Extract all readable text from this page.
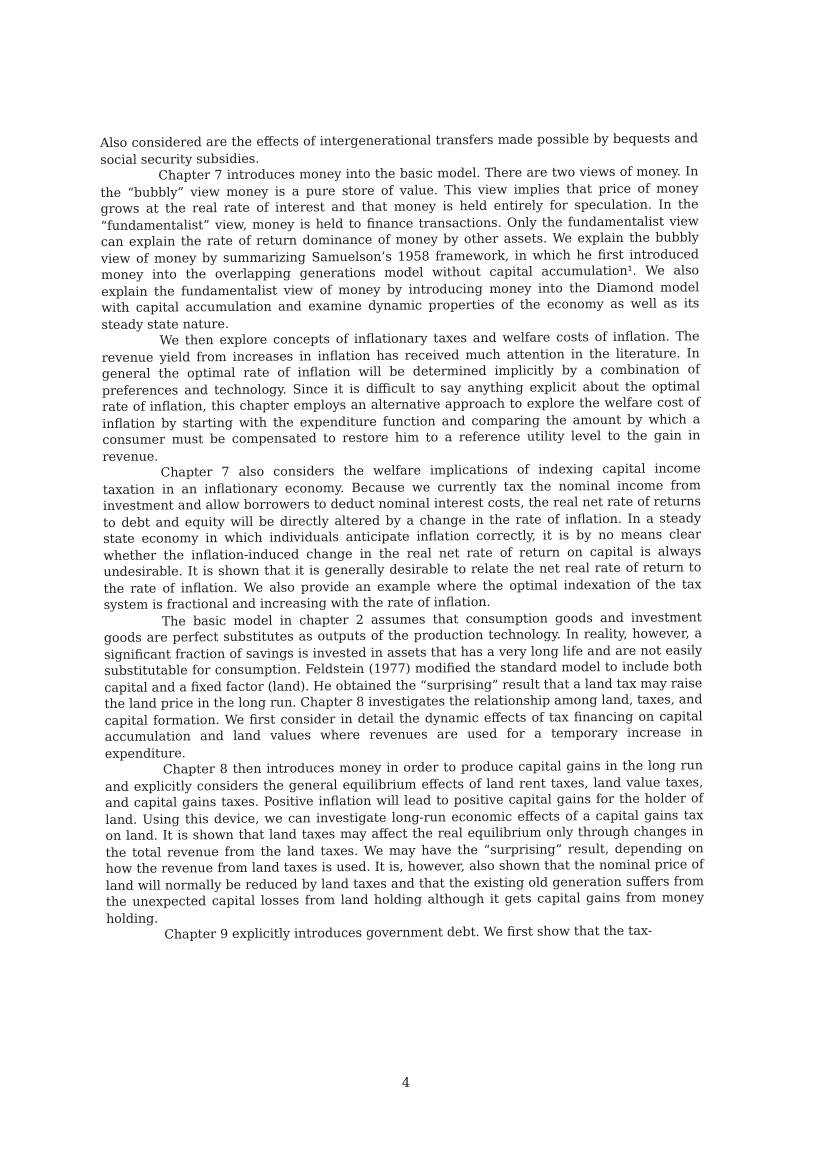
Also considered are the effects of intergenerational transfers made possible by bequests and social security subsidies.

Chapter 7 introduces money into the basic model. There are two views of money. In the “bubbly” view money is a pure store of value. This view implies that price of money grows at the real rate of interest and that money is held entirely for speculation. In the “fundamentalist” view, money is held to finance transactions. Only the fundamentalist view can explain the rate of return dominance of money by other assets. We explain the bubbly view of money by summarizing Samuelson’s 1958 framework, in which he first introduced money into the overlapping generations model without capital accumulation¹. We also explain the fundamentalist view of money by introducing money into the Diamond model with capital accumulation and examine dynamic properties of the economy as well as its steady state nature.

We then explore concepts of inflationary taxes and welfare costs of inflation. The revenue yield from increases in inflation has received much attention in the literature. In general the optimal rate of inflation will be determined implicitly by a combination of preferences and technology. Since it is difficult to say anything explicit about the optimal rate of inflation, this chapter employs an alternative approach to explore the welfare cost of inflation by starting with the expenditure function and comparing the amount by which a consumer must be compensated to restore him to a reference utility level to the gain in revenue.

Chapter 7 also considers the welfare implications of indexing capital income taxation in an inflationary economy. Because we currently tax the nominal income from investment and allow borrowers to deduct nominal interest costs, the real net rate of returns to debt and equity will be directly altered by a change in the rate of inflation. In a steady state economy in which individuals anticipate inflation correctly, it is by no means clear whether the inflation-induced change in the real net rate of return on capital is always undesirable. It is shown that it is generally desirable to relate the net real rate of return to the rate of inflation. We also provide an example where the optimal indexation of the tax system is fractional and increasing with the rate of inflation.

The basic model in chapter 2 assumes that consumption goods and investment goods are perfect substitutes as outputs of the production technology. In reality, however, a significant fraction of savings is invested in assets that has a very long life and are not easily substitutable for consumption. Feldstein (1977) modified the standard model to include both capital and a fixed factor (land). He obtained the “surprising” result that a land tax may raise the land price in the long run. Chapter 8 investigates the relationship among land, taxes, and capital formation. We first consider in detail the dynamic effects of tax financing on capital accumulation and land values where revenues are used for a temporary increase in expenditure.

Chapter 8 then introduces money in order to produce capital gains in the long run and explicitly considers the general equilibrium effects of land rent taxes, land value taxes, and capital gains taxes. Positive inflation will lead to positive capital gains for the holder of land. Using this device, we can investigate long-run economic effects of a capital gains tax on land. It is shown that land taxes may affect the real equilibrium only through changes in the total revenue from the land taxes. We may have the “surprising” result, depending on how the revenue from land taxes is used. It is, however, also shown that the nominal price of land will normally be reduced by land taxes and that the existing old generation suffers from the unexpected capital losses from land holding although it gets capital gains from money holding.

Chapter 9 explicitly introduces government debt. We first show that the tax-

4
